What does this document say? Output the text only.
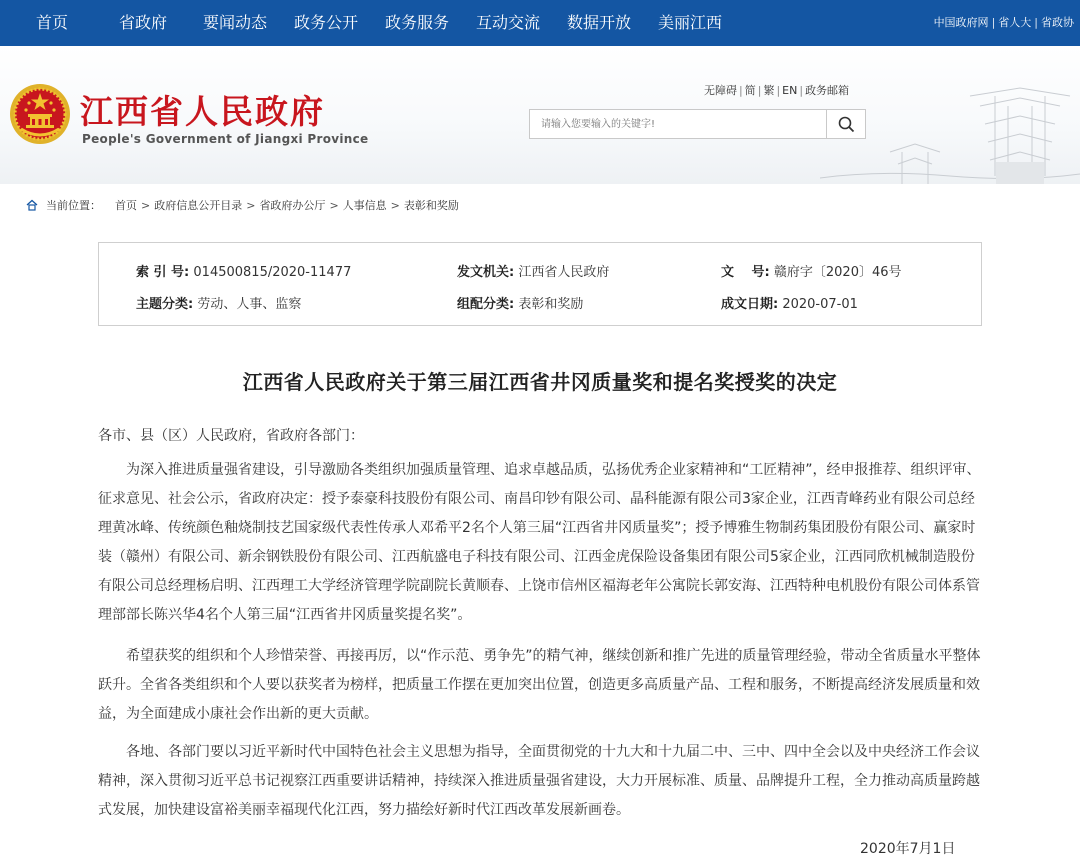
首页	省政府 要闻动态 政务公开 政务服务 互动交流 数据开放 美丽江西	中国政府网 | 省人大 | 省政协
江西省人民政府
People's Government of Jiangxi Province
无障碍 | 简 | 繁 | EN | 政务邮箱
请输入您要输入的关键字!
当前位置： 首页 > 政府信息公开目录 > 省政府办公厅 > 人事信息 > 表彰和奖励
索 引 号: 014500815/2020-11477	发文机关: 江西省人民政府	文　 号: 赣府字〔2020〕46号
主题分类: 劳动、人事、监察	组配分类: 表彰和奖励	成文日期: 2020-07-01
江西省人民政府关于第三届江西省井冈质量奖和提名奖授奖的决定
各市、县（区）人民政府，省政府各部门：

为深入推进质量强省建设，引导激励各类组织加强质量管理、追求卓越品质，弘扬优秀企业家精神和“工匠精神”，经申报推荐、组织评审、征求意见、社会公示，省政府决定：授予泰豪科技股份有限公司、南昌印钞有限公司、晶科能源有限公司3家企业，江西青峰药业有限公司总经理黄冰峰、传统颜色釉烧制技艺国家级代表性传承人邓希平2名个人第三届“江西省井冈质量奖”；授予博雅生物制药集团股份有限公司、赢家时装（赣州）有限公司、新余钢铁股份有限公司、江西航盛电子科技有限公司、江西金虎保险设备集团有限公司5家企业，江西同欣机械制造股份有限公司总经理杨启明、江西理工大学经济管理学院副院长黄顺春、上饶市信州区福海老年公寓院长郭安海、江西特种电机股份有限公司体系管理部部长陈兴华4名个人第三届“江西省井冈质量奖提名奖”。

希望获奖的组织和个人珍惜荣誉、再接再厉，以“作示范、勇争先”的精气神，继续创新和推广先进的质量管理经验，带动全省质量水平整体跃升。全省各类组织和个人要以获奖者为榜样，把质量工作摆在更加突出位置，创造更多高质量产品、工程和服务，不断提高经济发展质量和效益，为全面建成小康社会作出新的更大贡献。

各地、各部门要以习近平新时代中国特色社会主义思想为指导，全面贯彻党的十九大和十九届二中、三中、四中全会以及中央经济工作会议精神，深入贯彻习近平总书记视察江西重要讲话精神，持续深入推进质量强省建设，大力开展标准、质量、品牌提升工程，全力推动高质量跨越式发展，加快建设富裕美丽幸福现代化江西，努力描绘好新时代江西改革发展新画卷。

2020年7月1日
